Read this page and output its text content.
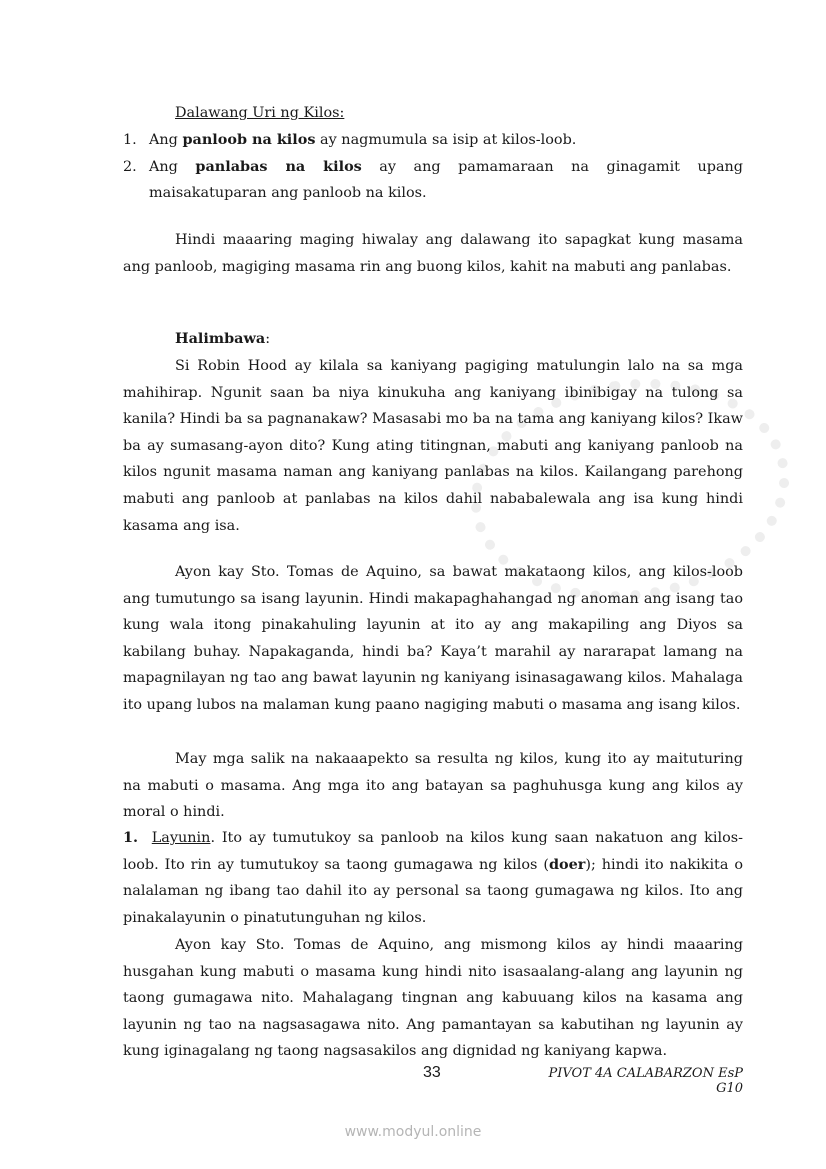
Dalawang Uri ng Kilos:
1. Ang panloob na kilos ay nagmumula sa isip at kilos-loob.
2. Ang panlabas na kilos ay ang pamamaraan na ginagamit upang maisakatuparan ang panloob na kilos.
Hindi maaaring maging hiwalay ang dalawang ito sapagkat kung masama ang panloob, magiging masama rin ang buong kilos, kahit na mabuti ang panlabas.
Halimbawa:
Si Robin Hood ay kilala sa kaniyang pagiging matulungin lalo na sa mga mahihirap. Ngunit saan ba niya kinukuha ang kaniyang ibinibigay na tulong sa kanila? Hindi ba sa pagnanakaw? Masasabi mo ba na tama ang kaniyang kilos? Ikaw ba ay sumasang-ayon dito? Kung ating titingnan, mabuti ang kaniyang panloob na kilos ngunit masama naman ang kaniyang panlabas na kilos. Kailangang parehong mabuti ang panloob at panlabas na kilos dahil nababalewala ang isa kung hindi kasama ang isa.
Ayon kay Sto. Tomas de Aquino, sa bawat makataong kilos, ang kilos-loob ang tumutungo sa isang layunin. Hindi makapaghahangad ng anoman ang isang tao kung wala itong pinakahuling layunin at ito ay ang makapiling ang Diyos sa kabilang buhay. Napakaganda, hindi ba? Kaya’t marahil ay nararapat lamang na mapagnilayan ng tao ang bawat layunin ng kaniyang isinasagawang kilos. Mahalaga ito upang lubos na malaman kung paano nagiging mabuti o masama ang isang kilos.
May mga salik na nakaaapekto sa resulta ng kilos, kung ito ay maituturing na mabuti o masama. Ang mga ito ang batayan sa paghuhusga kung ang kilos ay moral o hindi.
1. Layunin. Ito ay tumutukoy sa panloob na kilos kung saan nakatuon ang kilos-loob. Ito rin ay tumutukoy sa taong gumagawa ng kilos (doer); hindi ito nakikita o nalalaman ng ibang tao dahil ito ay personal sa taong gumagawa ng kilos. Ito ang pinakalayunin o pinatutunguhan ng kilos.
Ayon kay Sto. Tomas de Aquino, ang mismong kilos ay hindi maaaring husgahan kung mabuti o masama kung hindi nito isasaalang-alang ang layunin ng taong gumagawa nito. Mahalagang tingnan ang kabuuang kilos na kasama ang layunin ng tao na nagsasagawa nito. Ang pamantayan sa kabutihan ng layunin ay kung iginagalang ng taong nagsasakilos ang dignidad ng kaniyang kapwa.
33	PIVOT 4A CALABARZON EsP G10
www.modyul.online
